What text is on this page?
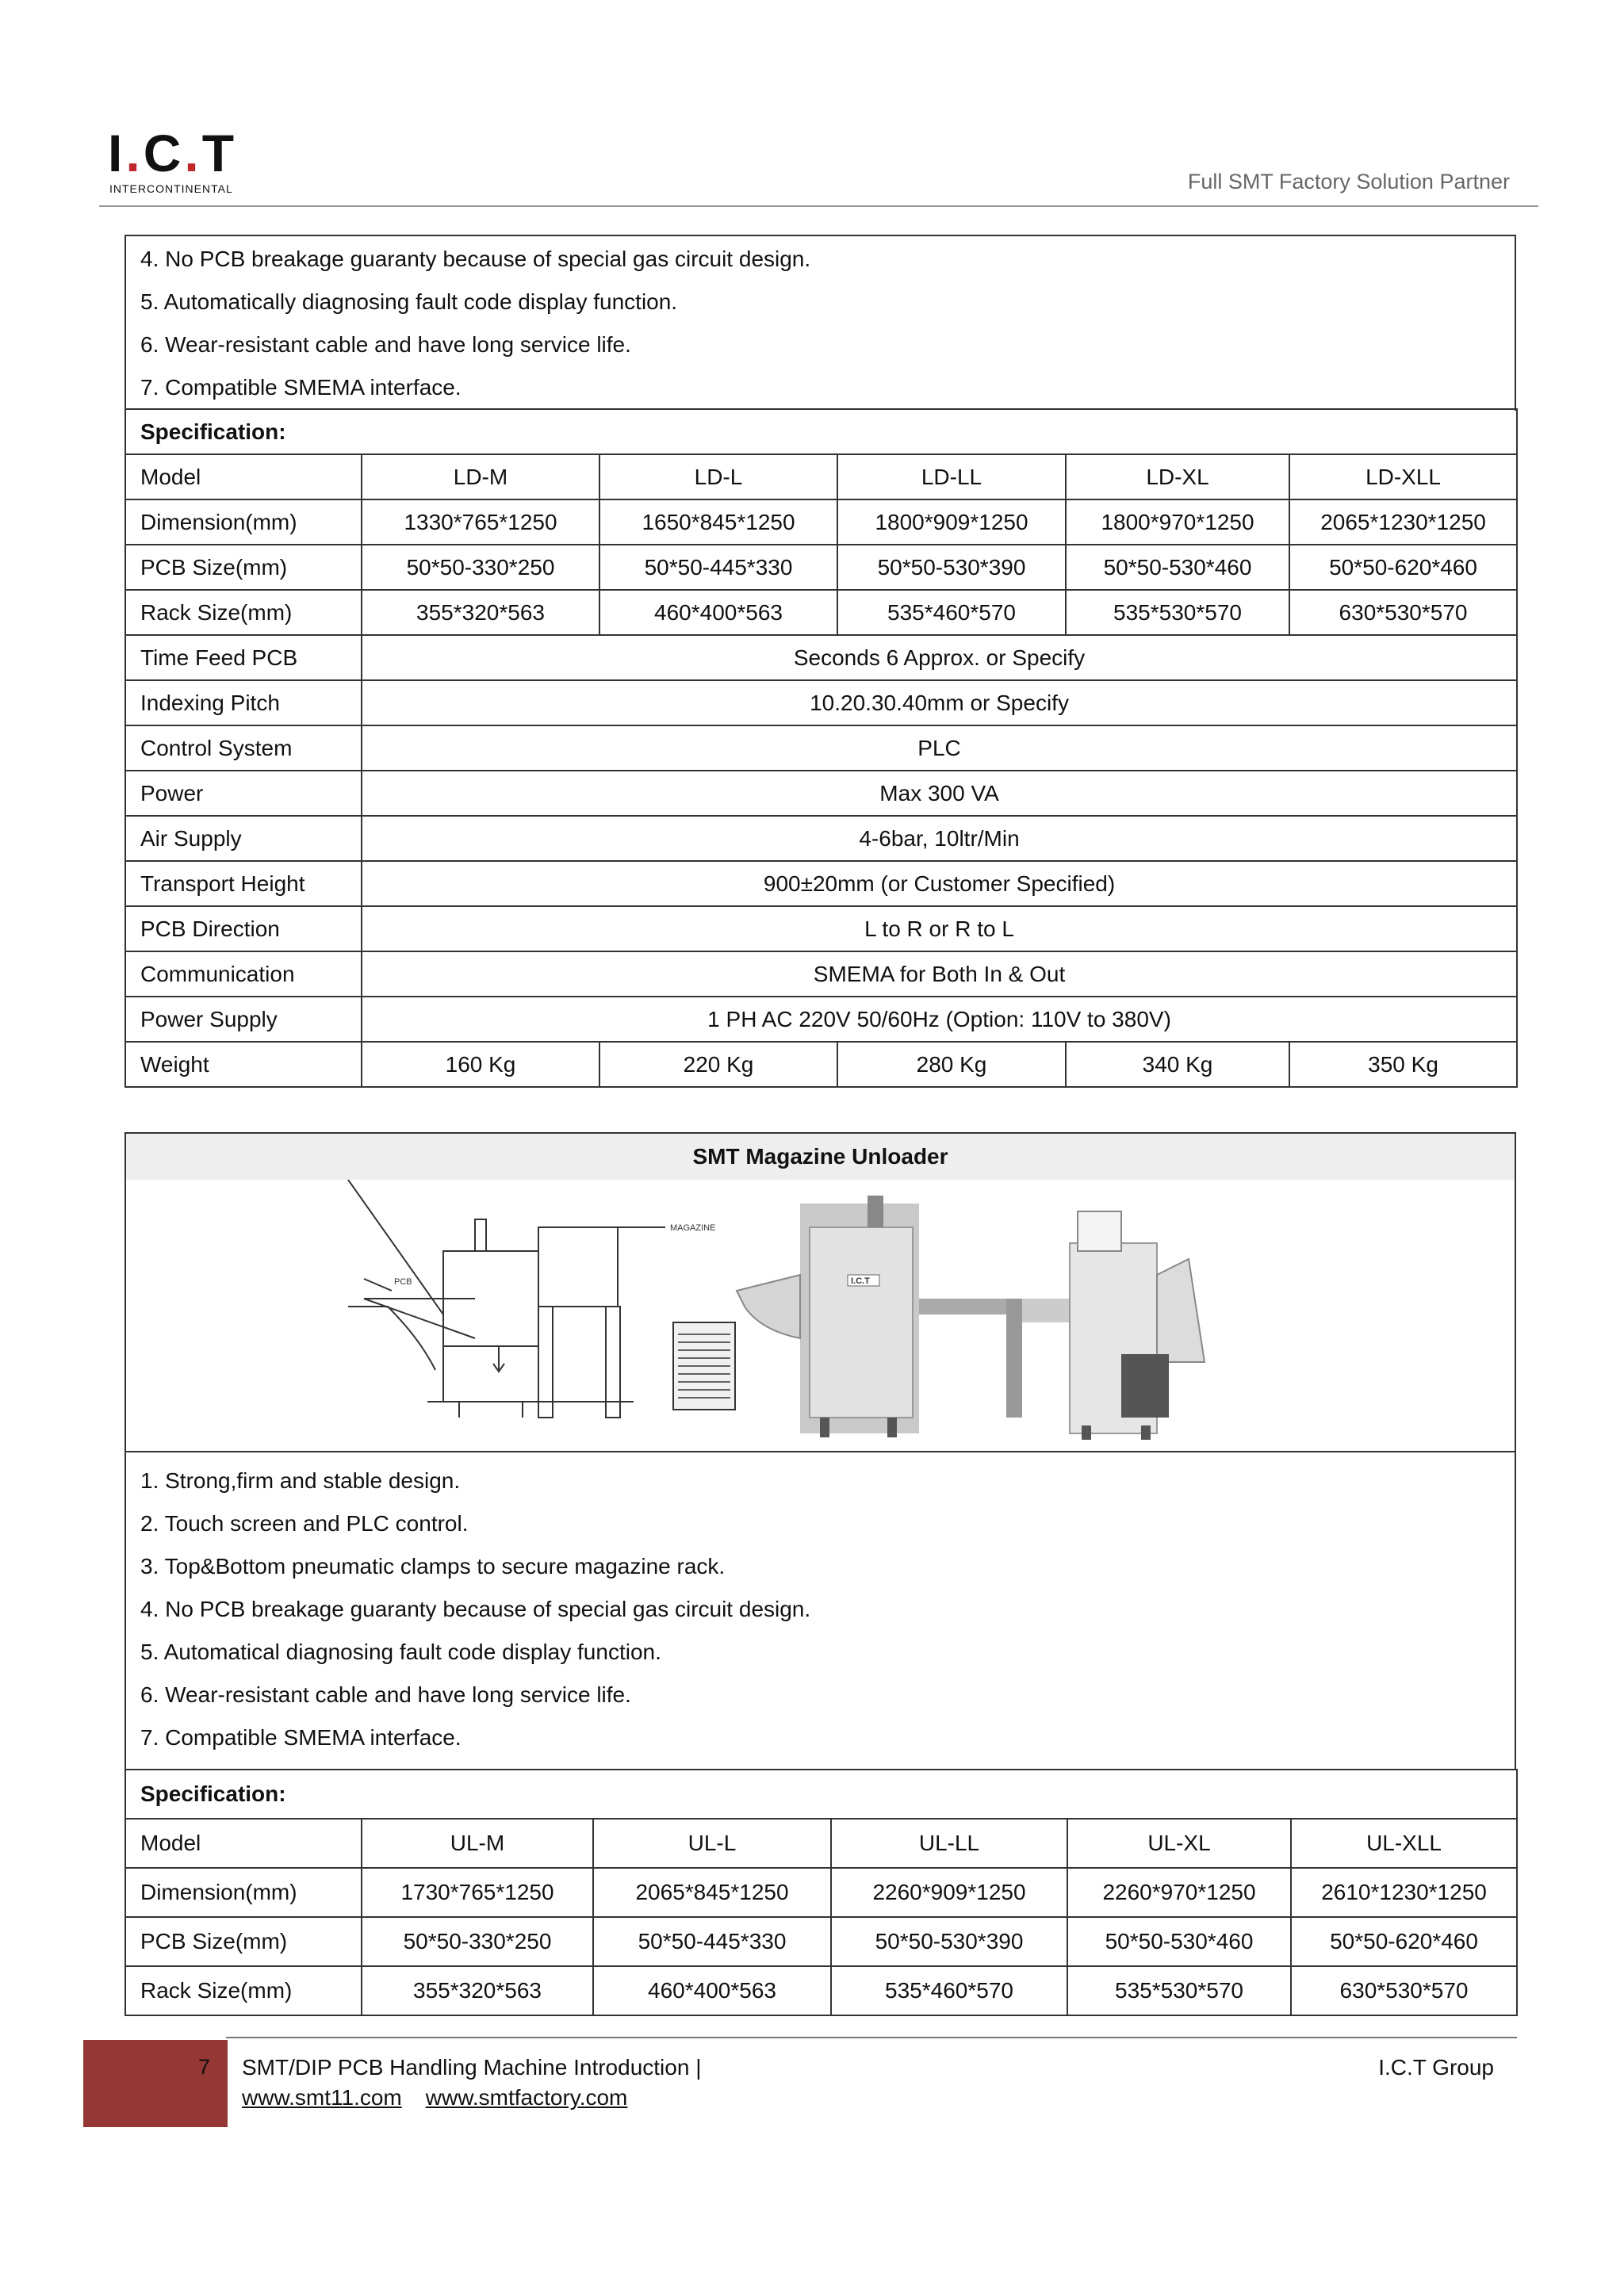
I.C.T
INTERCONTINENTAL	Full SMT Factory Solution Partner
4. No PCB breakage guaranty because of special gas circuit design.
5. Automatically diagnosing fault code display function.
6. Wear-resistant cable and have long service life.
7. Compatible SMEMA interface.
Specification:					
Model	LD-M	LD-L	LD-LL	LD-XL	LD-XLL
Dimension(mm)	1330*765*1250	1650*845*1250	1800*909*1250	1800*970*1250	2065*1230*1250
PCB Size(mm)	50*50-330*250	50*50-445*330	50*50-530*390	50*50-530*460	50*50-620*460
Rack Size(mm)	355*320*563	460*400*563	535*460*570	535*530*570	630*530*570
Time Feed PCB	Seconds 6 Approx. or Specify				
Indexing Pitch	10.20.30.40mm or Specify				
Control System	PLC				
Power	Max 300 VA				
Air Supply	4-6bar, 10ltr/Min				
Transport Height	900±20mm (or Customer Specified)				
PCB Direction	L to R or R to L				
Communication	SMEMA for Both In & Out				
Power Supply	1 PH AC 220V 50/60Hz (Option: 110V to 380V)				
Weight	160 Kg	220 Kg	280 Kg	340 Kg	350 Kg
SMT Magazine Unloader
PCB
MAGAZINE
I.C.T
1. Strong,firm and stable design.
2. Touch screen and PLC control.
3. Top&Bottom pneumatic clamps to secure magazine rack.
4. No PCB breakage guaranty because of special gas circuit design.
5. Automatical diagnosing fault code display function.
6. Wear-resistant cable and have long service life.
7. Compatible SMEMA interface.
Specification:					
Model	UL-M	UL-L	UL-LL	UL-XL	UL-XLL
Dimension(mm)	1730*765*1250	2065*845*1250	2260*909*1250	2260*970*1250	2610*1230*1250
PCB Size(mm)	50*50-330*250	50*50-445*330	50*50-530*390	50*50-530*460	50*50-620*460
Rack Size(mm)	355*320*563	460*400*563	535*460*570	535*530*570	630*530*570
7 SMT/DIP PCB Handling Machine Introduction |
www.smt11.com www.smtfactory.com
I.C.T Group
